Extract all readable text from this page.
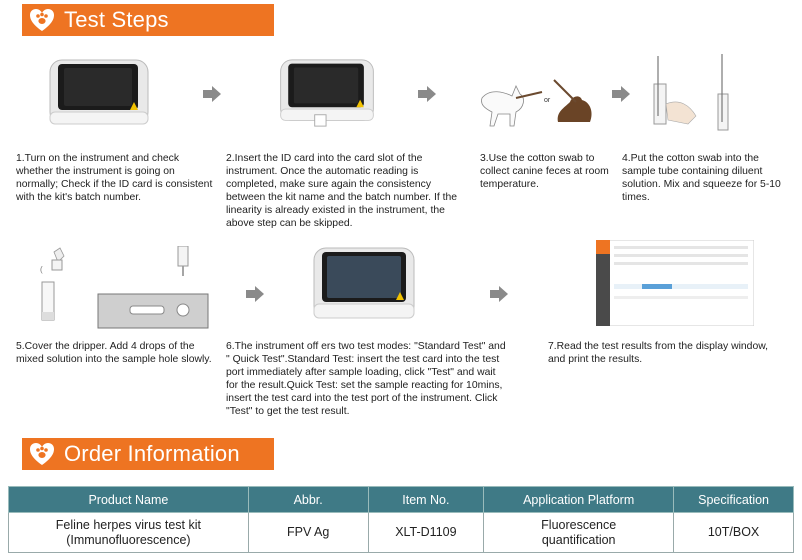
Test Steps
or
1.Turn on the instrument and check whether the instrument is going on normally; Check if the ID card is consistent with the kit's batch number.
2.Insert the ID card into the card slot of the instrument. Once the automatic reading is completed, make sure again the consistency between the kit name and the batch number. If the linearity is already existed in the instrument, the above step can be skipped.
3.Use the cotton swab to collect canine feces at room temperature.
4.Put the cotton swab into the sample tube containing diluent solution. Mix and squeeze for 5-10 times.
(
5.Cover the dripper. Add 4 drops of the mixed solution into the sample hole slowly.
6.The instrument off ers two test modes: "Standard Test" and " Quick Test".Standard Test: insert the test card into the test port immediately after sample loading, click "Test" and wait for the result.Quick Test: set the sample reacting for 10mins, insert the test card into the test port of the instrument. Click "Test" to get the test result.
7.Read the test results from the display window, and print the results.
Order Information
Product Name	Abbr.	Item No.	Application Platform	Specification
Feline herpes virus test kit (Immunofluorescence)	FPV Ag	XLT-D1109	Fluorescence quantification	10T/BOX
